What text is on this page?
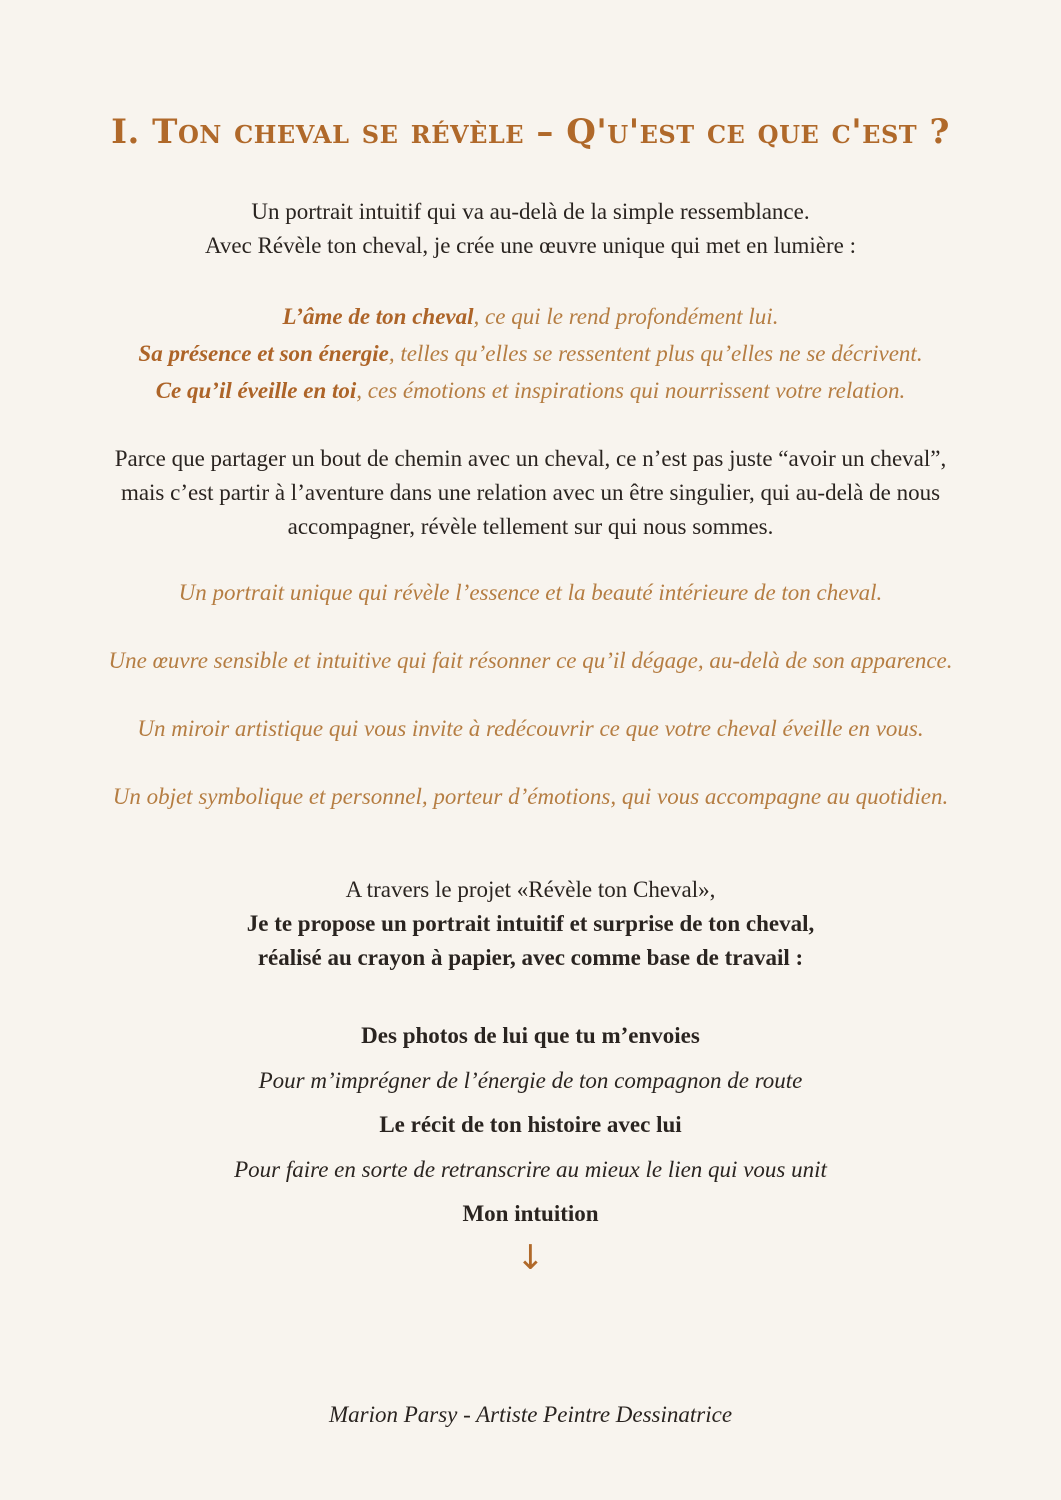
I. Ton cheval se révèle – Q'u'est ce que c'est ?
Un portrait intuitif qui va au-delà de la simple ressemblance.
Avec Révèle ton cheval, je crée une œuvre unique qui met en lumière :
L’âme de ton cheval, ce qui le rend profondément lui.
Sa présence et son énergie, telles qu’elles se ressentent plus qu’elles ne se décrivent.
Ce qu’il éveille en toi, ces émotions et inspirations qui nourrissent votre relation.
Parce que partager un bout de chemin avec un cheval, ce n’est pas juste “avoir un cheval”,
mais c’est partir à l’aventure dans une relation avec un être singulier, qui au-delà de nous
accompagner, révèle tellement sur qui nous sommes.
Un portrait unique qui révèle l’essence et la beauté intérieure de ton cheval.
Une œuvre sensible et intuitive qui fait résonner ce qu’il dégage, au-delà de son apparence.
Un miroir artistique qui vous invite à redécouvrir ce que votre cheval éveille en vous.
Un objet symbolique et personnel, porteur d’émotions, qui vous accompagne au quotidien.
A travers le projet «Révèle ton Cheval»,
Je te propose un portrait intuitif et surprise de ton cheval,
réalisé au crayon à papier, avec comme base de travail :
Des photos de lui que tu m’envoies
Pour m’imprégner de l’énergie de ton compagnon de route
Le récit de ton histoire avec lui
Pour faire en sorte de retranscrire au mieux le lien qui vous unit
Mon intuition
↓
Marion Parsy - Artiste Peintre Dessinatrice
